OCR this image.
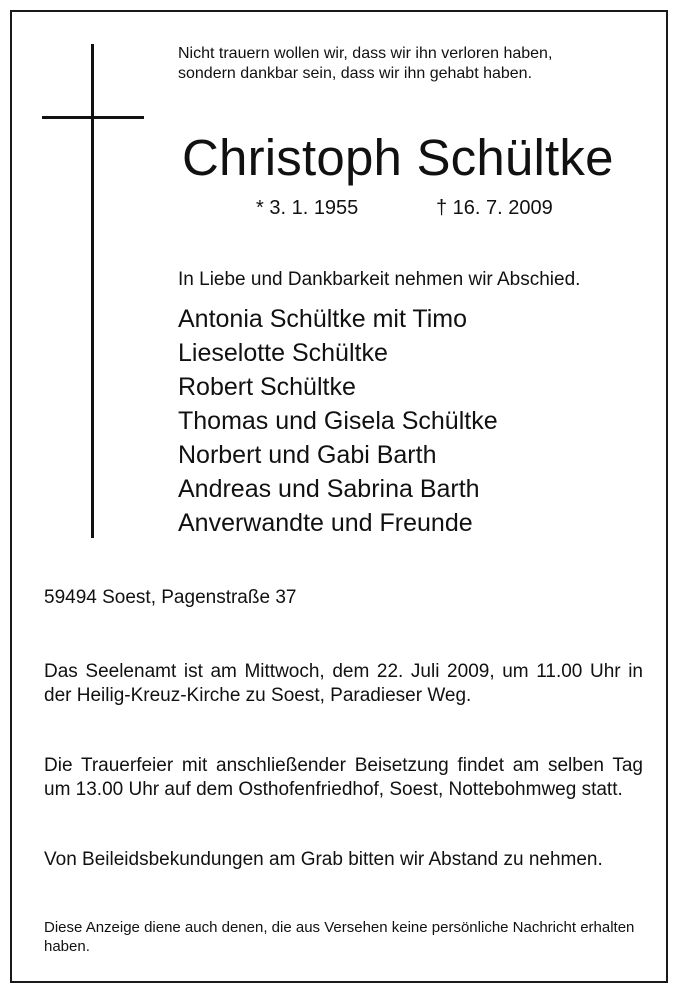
Nicht trauern wollen wir, dass wir ihn verloren haben,
sondern dankbar sein, dass wir ihn gehabt haben.
Christoph Schültke
* 3. 1. 1955	† 16. 7. 2009
In Liebe und Dankbarkeit nehmen wir Abschied.
Antonia Schültke mit Timo
Lieselotte Schültke
Robert Schültke
Thomas und Gisela Schültke
Norbert und Gabi Barth
Andreas und Sabrina Barth
Anverwandte und Freunde
59494 Soest, Pagenstraße 37
Das Seelenamt ist am Mittwoch, dem 22. Juli 2009, um 11.00 Uhr in der Heilig-Kreuz-Kirche zu Soest, Paradieser Weg.
Die Trauerfeier mit anschließender Beisetzung findet am selben Tag um 13.00 Uhr auf dem Osthofenfriedhof, Soest, Nottebohmweg statt.
Von Beileidsbekundungen am Grab bitten wir Abstand zu nehmen.
Diese Anzeige diene auch denen, die aus Versehen keine persönliche Nachricht erhalten haben.
